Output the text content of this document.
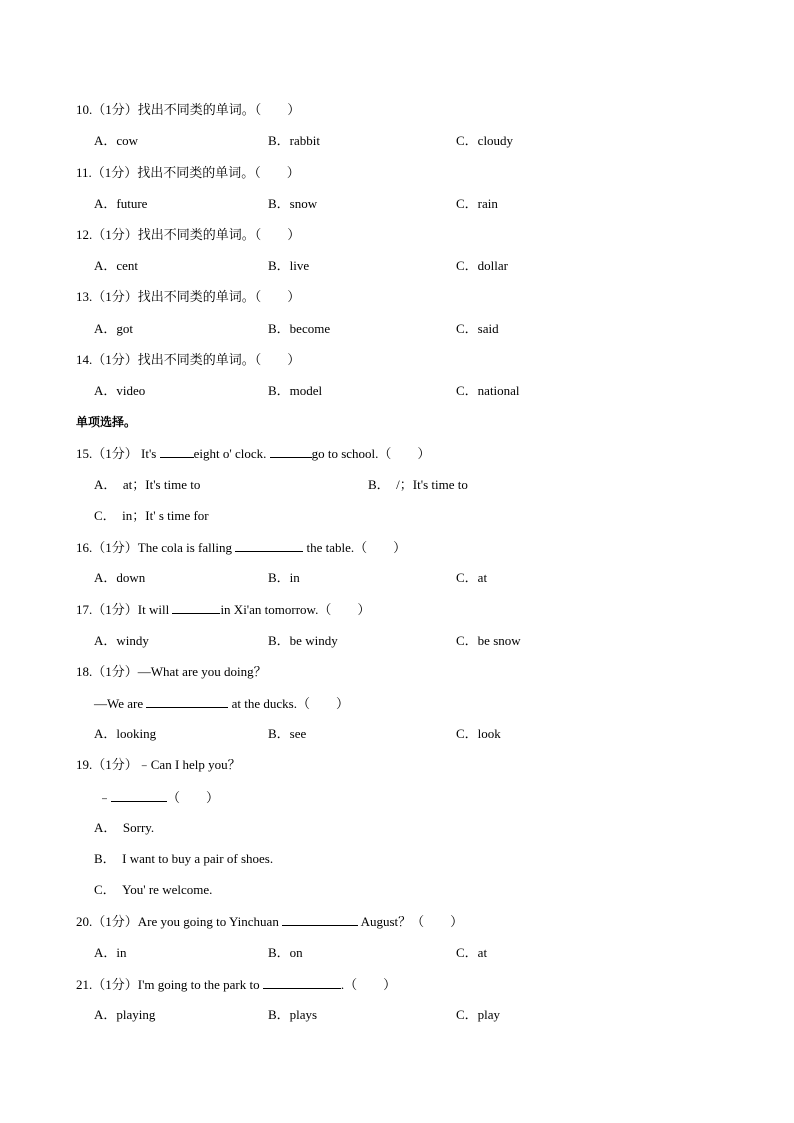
10.（1分）找出不同类的单词。（　　）
A．cow	B．rabbit	C．cloudy
11.（1分）找出不同类的单词。（　　）
A．future	B．snow	C．rain
12.（1分）找出不同类的单词。（　　）
A．cent	B．live	C．dollar
13.（1分）找出不同类的单词。（　　）
A．got	B．become	C．said
14.（1分）找出不同类的单词。（　　）
A．video	B．model	C．national
单项选择。
15.（1分） It's	eight o' clock.	go to school.（　　）
A．　at；It's time to	B．　/；It's time to
C．　in；It' s time for
16.（1分）The cola is falling	the table.（　　）
A．down	B．in	C．at
17.（1分）It will	in Xi'an tomorrow.（　　）
A．windy	B．be windy	C．be snow
18.（1分）—What are you doing？
—We are	at the ducks.（　　）
A．looking	B．see	C．look
19.（1分）﹣Can I help you？
﹣	（　　）
A．　Sorry.
B．　I want to buy a pair of shoes.
C．　You' re welcome.
20.（1分）Are you going to Yinchuan	August？（　　）
A．in	B．on	C．at
21.（1分）I'm going to the park to	.（　　）
A．playing	B．plays	C．play
